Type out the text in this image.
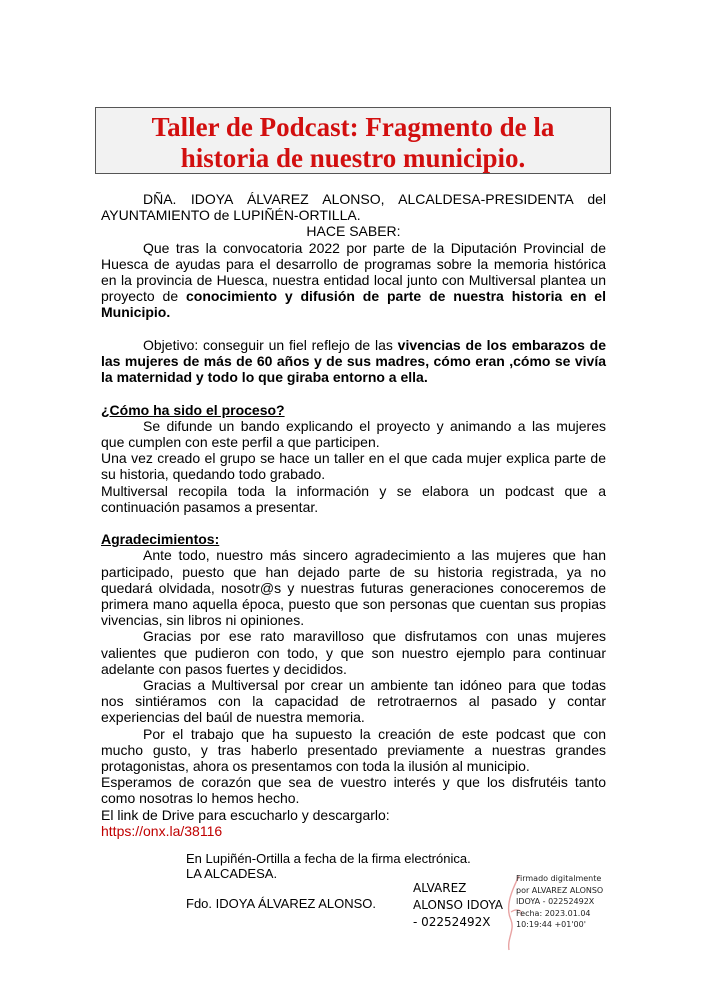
Taller de Podcast: Fragmento de la
historia de nuestro municipio.

DÑA. IDOYA ÁLVAREZ ALONSO, ALCALDESA-PRESIDENTA del

AYUNTAMIENTO de LUPIÑÉN-ORTILLA.

HACE SABER:

Que tras la convocatoria 2022 por parte de la Diputación Provincial de Huesca de ayudas para el desarrollo de programas sobre la memoria histórica en la provincia de Huesca, nuestra entidad local junto con Multiversal plantea un proyecto de conocimiento y difusión de parte de nuestra historia en el Municipio.

Objetivo: conseguir un fiel reflejo de las vivencias de los embarazos de las mujeres de más de 60 años y de sus madres, cómo eran ,cómo se vivía la maternidad y todo lo que giraba entorno a ella.

¿Cómo ha sido el proceso?

Se difunde un bando explicando el proyecto y animando a las mujeres que cumplen con este perfil a que participen.

Una vez creado el grupo se hace un taller en el que cada mujer explica parte de su historia, quedando todo grabado.

Multiversal recopila toda la información y se elabora un podcast que a continuación pasamos a presentar.

Agradecimientos:

Ante todo, nuestro más sincero agradecimiento a las mujeres que han participado, puesto que han dejado parte de su historia registrada, ya no quedará olvidada, nosotr@s y nuestras futuras generaciones conoceremos de primera mano aquella época, puesto que son personas que cuentan sus propias vivencias, sin libros ni opiniones.

Gracias por ese rato maravilloso que disfrutamos con unas mujeres valientes que pudieron con todo, y que son nuestro ejemplo para continuar adelante con pasos fuertes y decididos.

Gracias a Multiversal por crear un ambiente tan idóneo para que todas nos sintiéramos con la capacidad de retrotraernos al pasado y contar experiencias del baúl de nuestra memoria.

Por el trabajo que ha supuesto la creación de este podcast que con mucho gusto, y tras haberlo presentado previamente a nuestras grandes protagonistas, ahora os presentamos con toda la ilusión al municipio.

Esperamos de corazón que sea de vuestro interés y que los disfrutéis tanto como nosotras lo hemos hecho.

El link de Drive para escucharlo y descargarlo:

https://onx.la/38116

En Lupiñén-Ortilla a fecha de la firma electrónica.
LA ALCADESA.
Fdo. IDOYA ÁLVAREZ ALONSO.
ALVAREZ
ALONSO IDOYA
- 02252492X
Firmado digitalmente
por ALVAREZ ALONSO
IDOYA - 02252492X
Fecha: 2023.01.04
10:19:44 +01'00'
